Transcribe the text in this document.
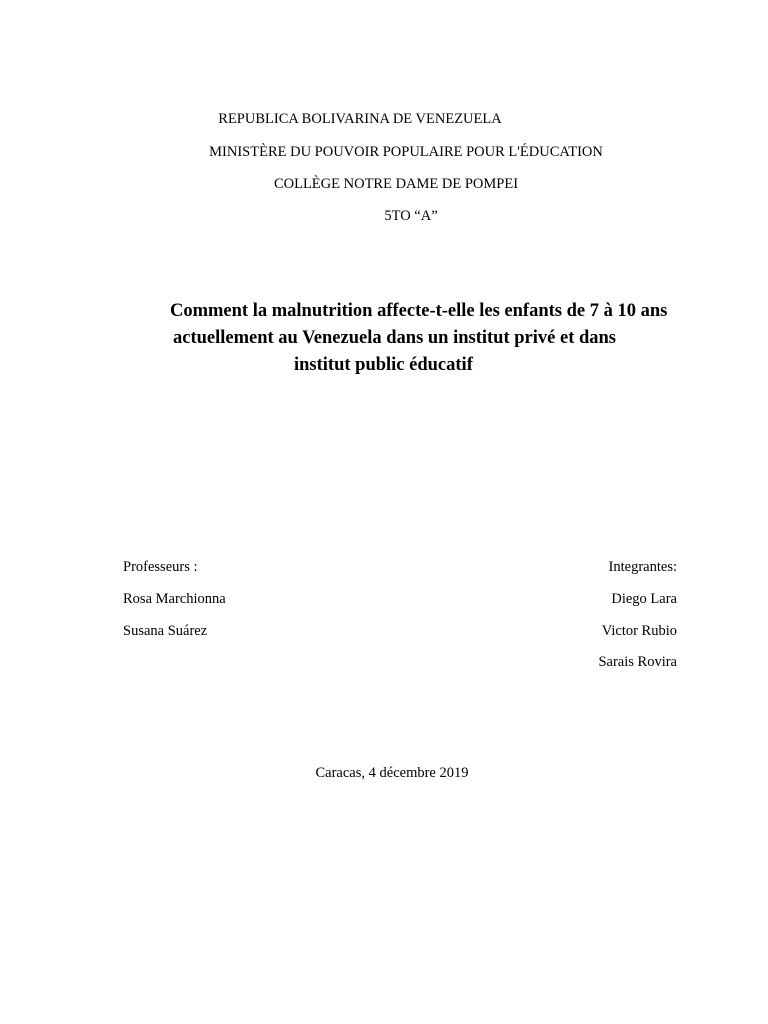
REPUBLICA BOLIVARINA DE VENEZUELA
MINISTÈRE DU POUVOIR POPULAIRE POUR L'ÉDUCATION
COLLÈGE NOTRE DAME DE POMPEI
5TO “A”
Comment la malnutrition affecte-t-elle les enfants de 7 à 10 ans
actuellement au Venezuela dans un institut privé et dans
institut public éducatif
Professeurs :
Rosa Marchionna
Susana Suárez
Integrantes:
Diego Lara
Victor Rubio
Sarais Rovira
Caracas, 4 décembre 2019
